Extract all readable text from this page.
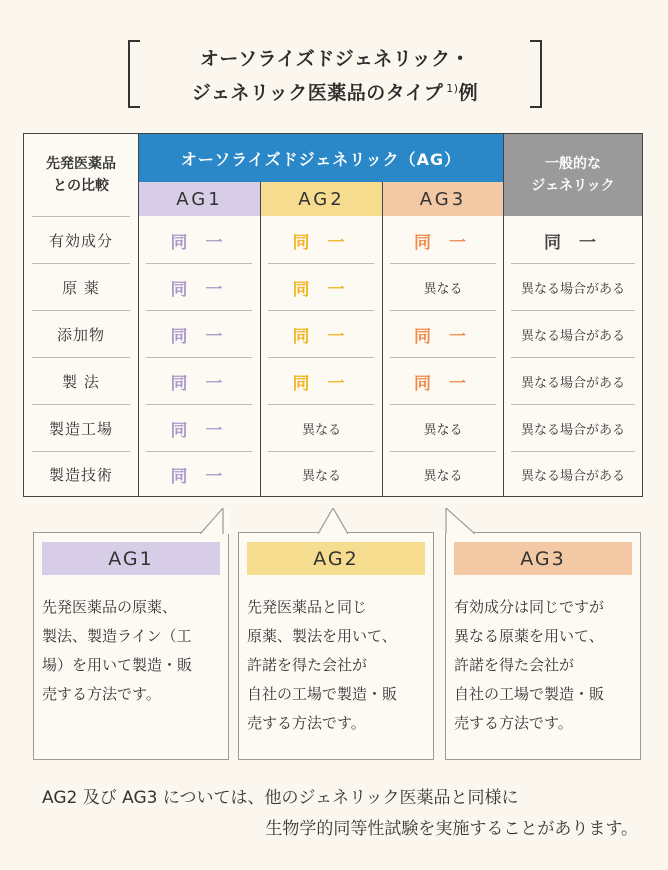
オーソライズドジェネリック・
ジェネリック医薬品のタイプ $^{1)}$例
先発医薬品
との比較
オーソライズドジェネリック（AG）	一般的な
ジェネリック
AG1	AG2	AG3
有効成分	同 一	同 一	同 一	同 一
原 薬	同 一	同 一	異なる	異なる場合がある
添加物	同 一	同 一	同 一	異なる場合がある
製 法	同 一	同 一	同 一	異なる場合がある
製造工場	同 一	異なる	異なる	異なる場合がある
製造技術	同 一	異なる	異なる	異なる場合がある
AG1
先発医薬品の原薬、
製法、製造ライン（工
場）を用いて製造・販
売する方法です。
AG2
先発医薬品と同じ
原薬、製法を用いて、
許諾を得た会社が
自社の工場で製造・販
売する方法です。
AG3
有効成分は同じですが
異なる原薬を用いて、
許諾を得た会社が
自社の工場で製造・販
売する方法です。
AG2 及び AG3 については、他のジェネリック医薬品と同様に
生物学的同等性試験を実施することがあります。
